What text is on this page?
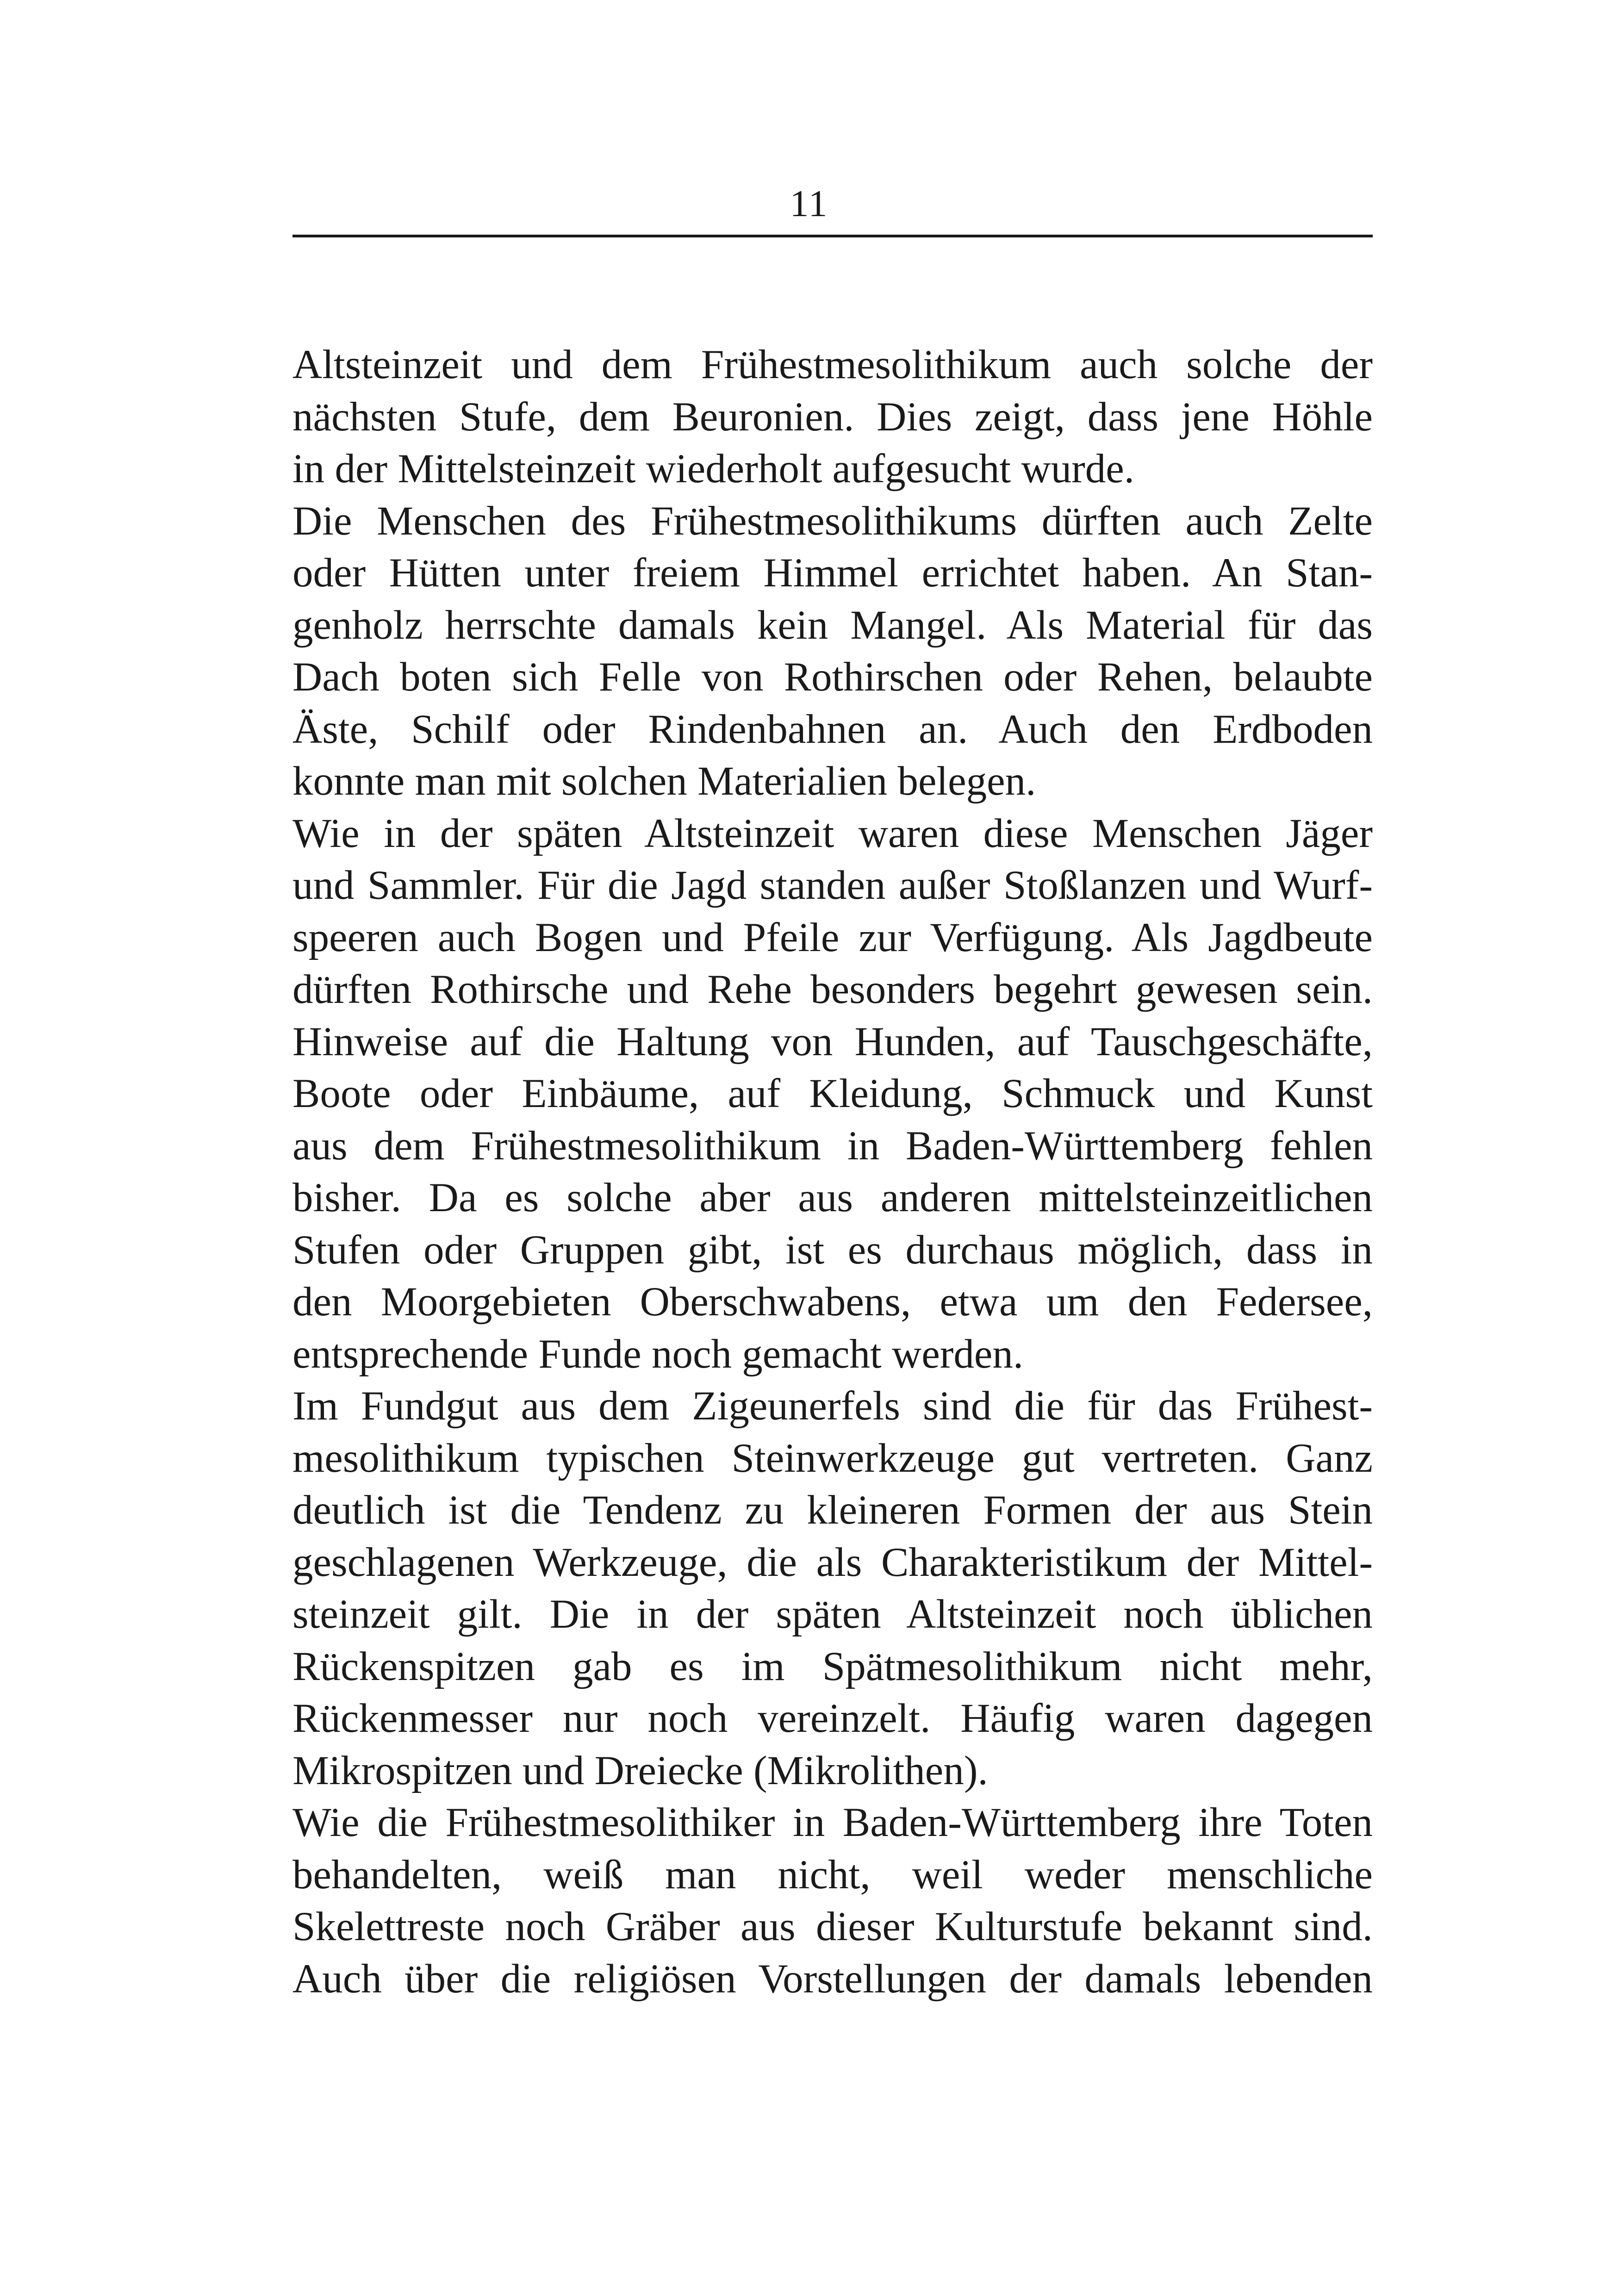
11
Altsteinzeit und dem Frühestmesolithikum auch solche der
nächsten Stufe, dem Beuronien. Dies zeigt, dass jene Höhle
in der Mittelsteinzeit wiederholt aufgesucht wurde.
Die Menschen des Frühestmesolithikums dürften auch Zelte
oder Hütten unter freiem Himmel errichtet haben. An Stan-
genholz herrschte damals kein Mangel. Als Material für das
Dach boten sich Felle von Rothirschen oder Rehen, belaubte
Äste, Schilf oder Rindenbahnen an. Auch den Erdboden
konnte man mit solchen Materialien belegen.
Wie in der späten Altsteinzeit waren diese Menschen Jäger
und Sammler. Für die Jagd standen außer Stoßlanzen und Wurf-
speeren auch Bogen und Pfeile zur Verfügung. Als Jagdbeute
dürften Rothirsche und Rehe besonders begehrt gewesen sein.
Hinweise auf die Haltung von Hunden, auf Tauschgeschäfte,
Boote oder Einbäume, auf Kleidung, Schmuck und Kunst
aus dem Frühestmesolithikum in Baden-Württemberg fehlen
bisher. Da es solche aber aus anderen mittelsteinzeitlichen
Stufen oder Gruppen gibt, ist es durchaus möglich, dass in
den Moorgebieten Oberschwabens, etwa um den Federsee,
entsprechende Funde noch gemacht werden.
Im Fundgut aus dem Zigeunerfels sind die für das Frühest-
mesolithikum typischen Steinwerkzeuge gut vertreten. Ganz
deutlich ist die Tendenz zu kleineren Formen der aus Stein
geschlagenen Werkzeuge, die als Charakteristikum der Mittel-
steinzeit gilt. Die in der späten Altsteinzeit noch üblichen
Rückenspitzen gab es im Spätmesolithikum nicht mehr,
Rückenmesser nur noch vereinzelt. Häufig waren dagegen
Mikrospitzen und Dreiecke (Mikrolithen).
Wie die Frühestmesolithiker in Baden-Württemberg ihre Toten
behandelten, weiß man nicht, weil weder menschliche
Skelettreste noch Gräber aus dieser Kulturstufe bekannt sind.
Auch über die religiösen Vorstellungen der damals lebenden
